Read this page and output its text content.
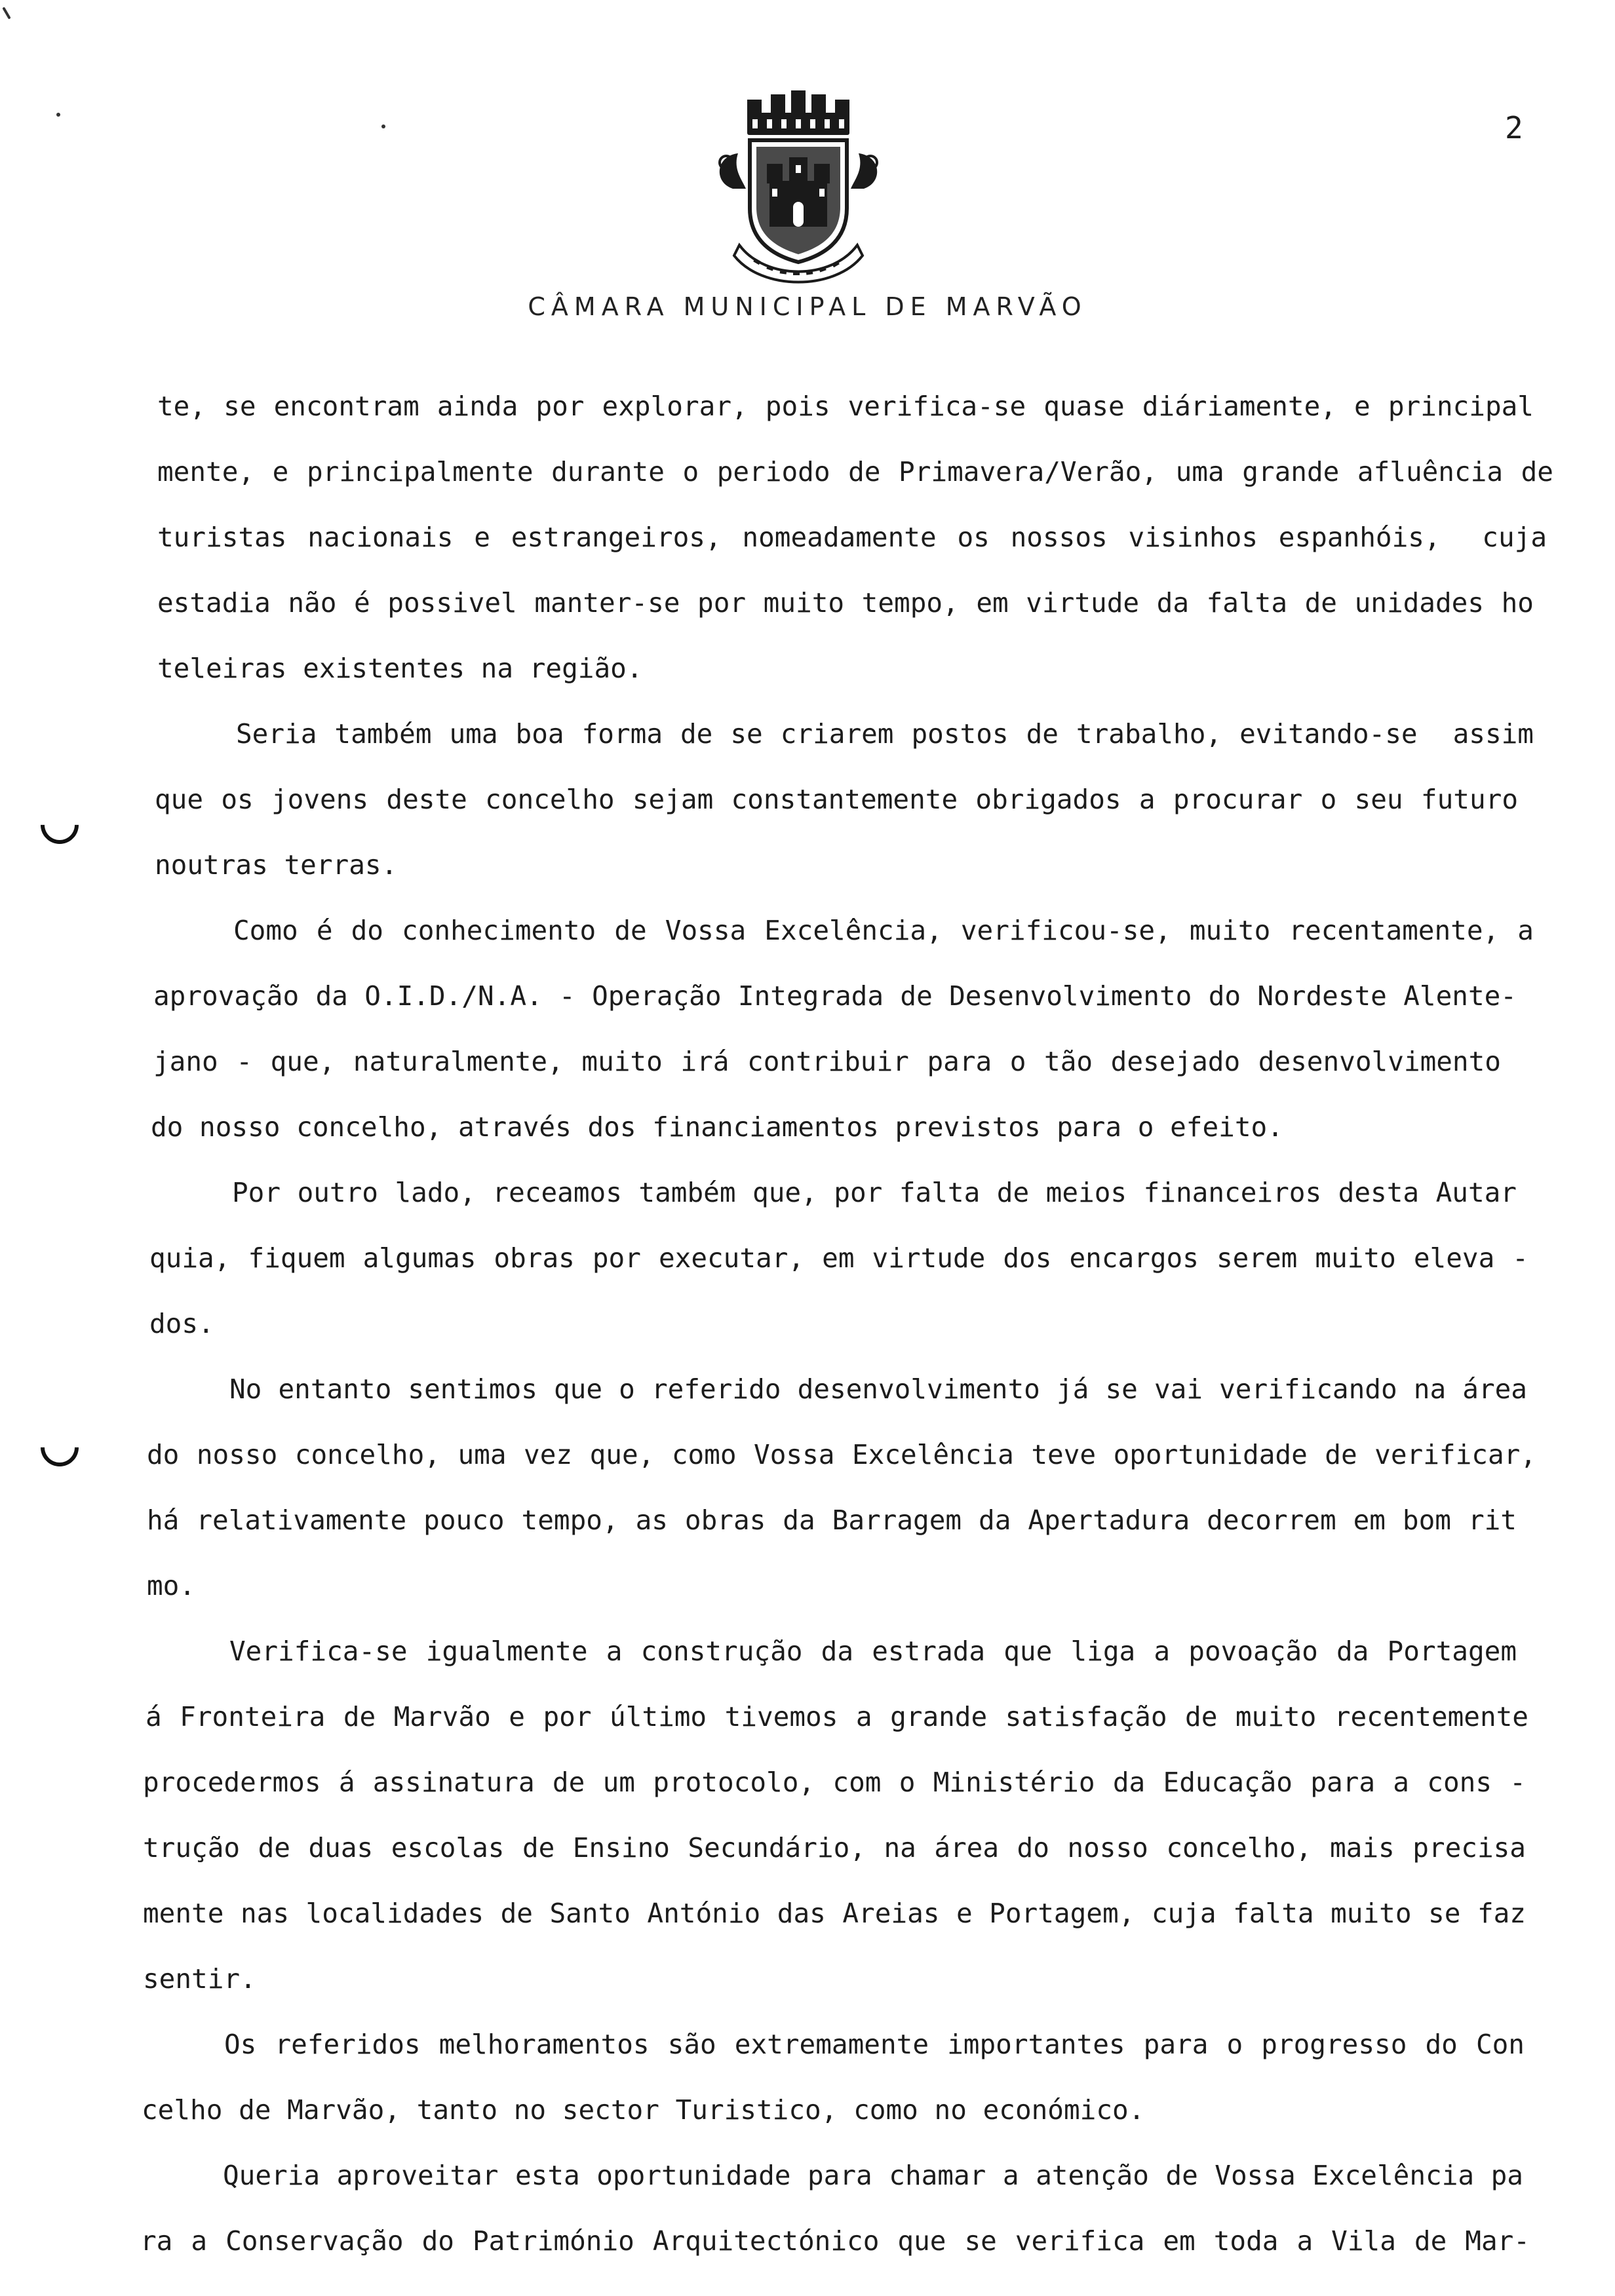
2
CÂMARA MUNICIPAL DE MARVÃO
te, se encontram ainda por explorar, pois verifica-se quase diáriamente, e principal
mente, e principalmente durante o periodo de Primavera/Verão, uma grande afluência de
turistas nacionais e estrangeiros, nomeadamente os nossos visinhos espanhóis,  cuja
estadia não é possivel manter-se por muito tempo, em virtude da falta de unidades ho
teleiras existentes na região.
Seria também uma boa forma de se criarem postos de trabalho, evitando-se  assim
que os jovens deste concelho sejam constantemente obrigados a procurar o seu futuro
noutras terras.
Como é do conhecimento de Vossa Excelência, verificou-se, muito recentamente, a
aprovação da O.I.D./N.A. - Operação Integrada de Desenvolvimento do Nordeste Alente-
jano - que, naturalmente, muito irá contribuir para o tão desejado desenvolvimento
do nosso concelho, através dos financiamentos previstos para o efeito.
Por outro lado, receamos também que, por falta de meios financeiros desta Autar
quia, fiquem algumas obras por executar, em virtude dos encargos serem muito eleva -
dos.
No entanto sentimos que o referido desenvolvimento já se vai verificando na área
do nosso concelho, uma vez que, como Vossa Excelência teve oportunidade de verificar,
há relativamente pouco tempo, as obras da Barragem da Apertadura decorrem em bom rit
mo.
Verifica-se igualmente a construção da estrada que liga a povoação da Portagem
á Fronteira de Marvão e por último tivemos a grande satisfação de muito recentemente
procedermos á assinatura de um protocolo, com o Ministério da Educação para a cons -
trução de duas escolas de Ensino Secundário, na área do nosso concelho, mais precisa
mente nas localidades de Santo António das Areias e Portagem, cuja falta muito se faz
sentir.
Os referidos melhoramentos são extremamente importantes para o progresso do Con
celho de Marvão, tanto no sector Turistico, como no económico.
Queria aproveitar esta oportunidade para chamar a atenção de Vossa Excelência pa
ra a Conservação do Património Arquitectónico que se verifica em toda a Vila de Mar-
